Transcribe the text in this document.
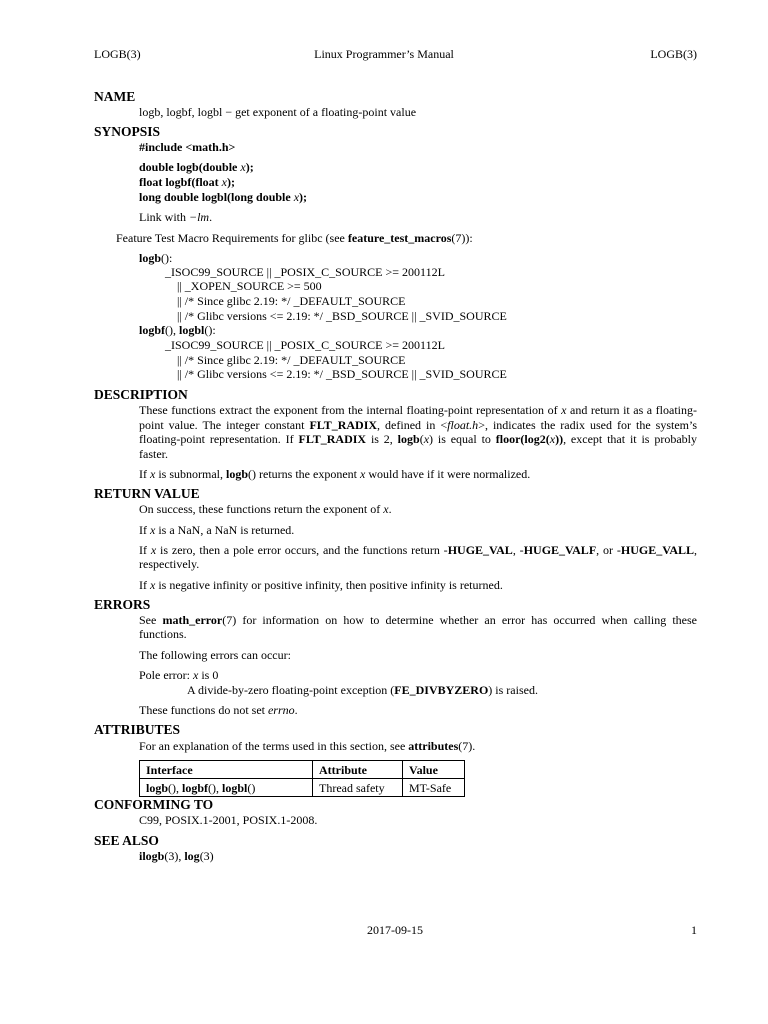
LOGB(3)	Linux Programmer’s Manual	LOGB(3)
NAME
logb, logbf, logbl − get exponent of a floating-point value
SYNOPSIS
#include <math.h>
double logb(double x);
float logbf(float x);
long double logbl(long double x);
Link with −lm.
Feature Test Macro Requirements for glibc (see feature_test_macros(7)):
logb():
_ISOC99_SOURCE || _POSIX_C_SOURCE >= 200112L
|| _XOPEN_SOURCE >= 500
|| /* Since glibc 2.19: */ _DEFAULT_SOURCE
|| /* Glibc versions <= 2.19: */ _BSD_SOURCE || _SVID_SOURCE
logbf(), logbl():
_ISOC99_SOURCE || _POSIX_C_SOURCE >= 200112L
|| /* Since glibc 2.19: */ _DEFAULT_SOURCE
|| /* Glibc versions <= 2.19: */ _BSD_SOURCE || _SVID_SOURCE
DESCRIPTION
These functions extract the exponent from the internal floating-point representation of x and return it as a floating-point value. The integer constant FLT_RADIX, defined in <float.h>, indicates the radix used for the system’s floating-point representation. If FLT_RADIX is 2, logb(x) is equal to floor(log2(x)), except that it is probably faster.
If x is subnormal, logb() returns the exponent x would have if it were normalized.
RETURN VALUE
On success, these functions return the exponent of x.
If x is a NaN, a NaN is returned.
If x is zero, then a pole error occurs, and the functions return -HUGE_VAL, -HUGE_VALF, or -HUGE_VALL, respectively.
If x is negative infinity or positive infinity, then positive infinity is returned.
ERRORS
See math_error(7) for information on how to determine whether an error has occurred when calling these functions.
The following errors can occur:
Pole error: x is 0
A divide-by-zero floating-point exception (FE_DIVBYZERO) is raised.
These functions do not set errno.
ATTRIBUTES
For an explanation of the terms used in this section, see attributes(7).
Interface	Attribute	Value
logb(), logbf(), logbl()	Thread safety	MT-Safe
CONFORMING TO
C99, POSIX.1-2001, POSIX.1-2008.
SEE ALSO
ilogb(3), log(3)
2017-09-15	1
